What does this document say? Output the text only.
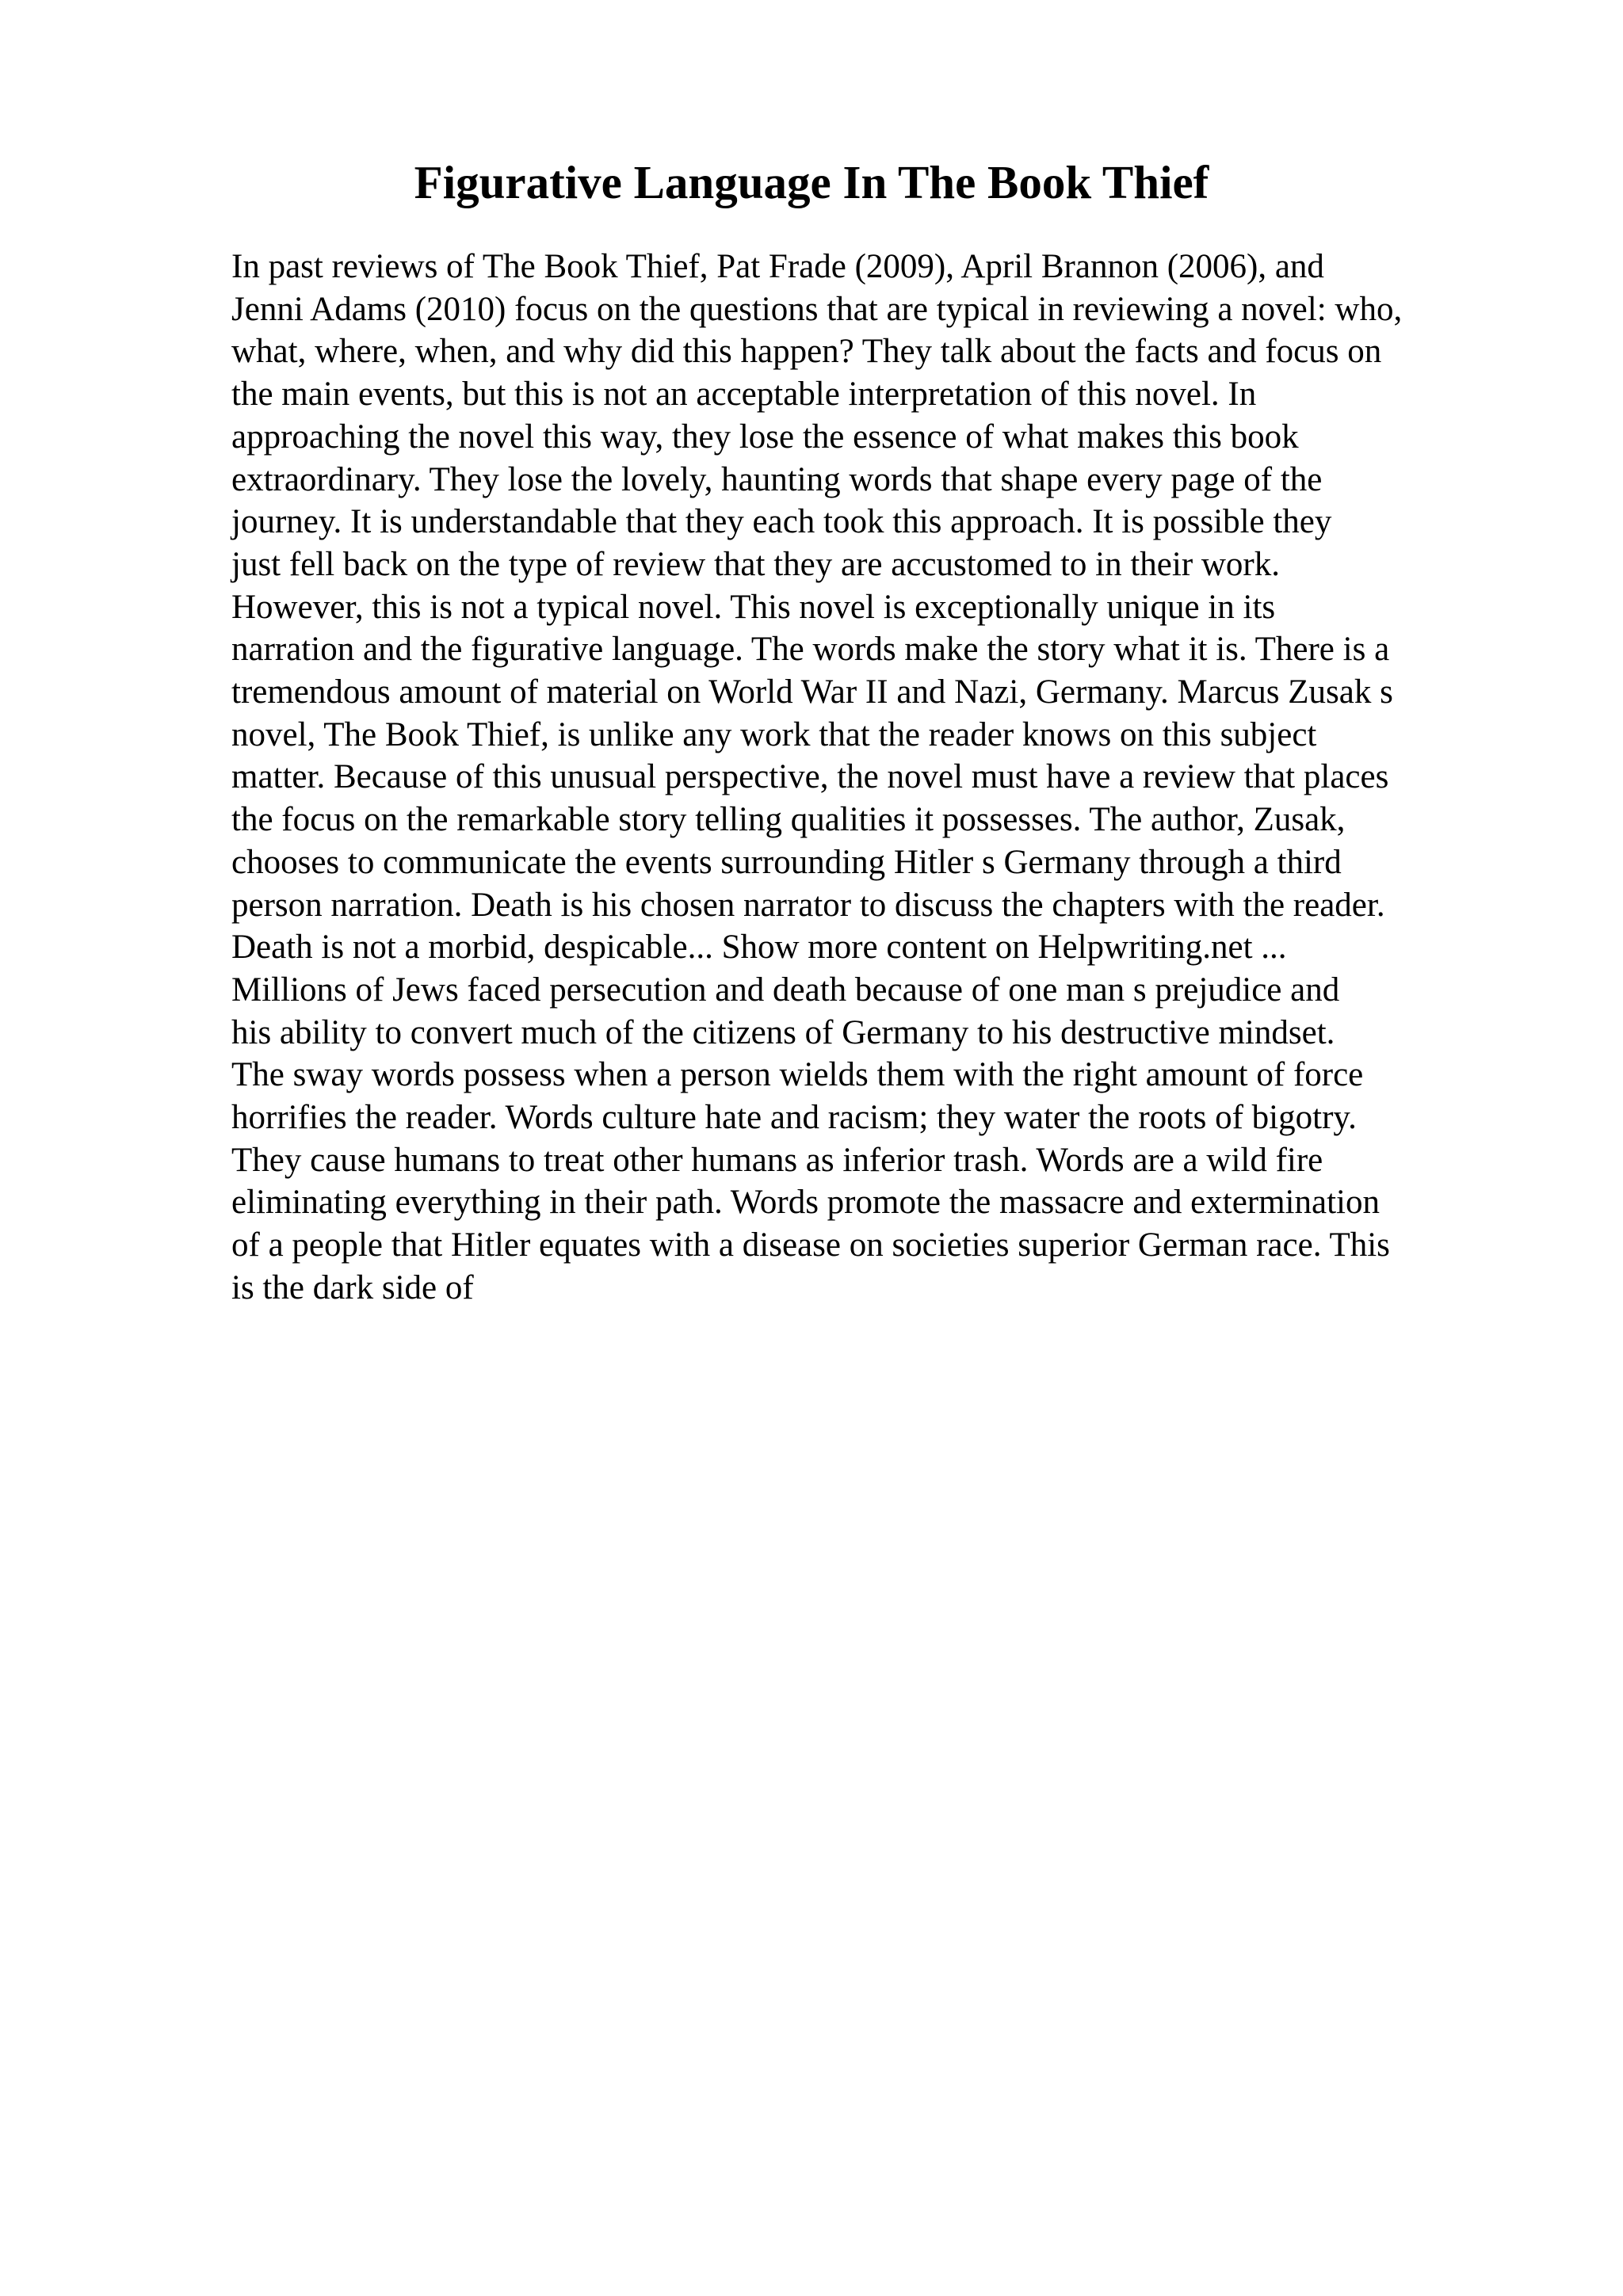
Figurative Language In The Book Thief
In past reviews of The Book Thief, Pat Frade (2009), April Brannon (2006), and
Jenni Adams (2010) focus on the questions that are typical in reviewing a novel: who,
what, where, when, and why did this happen? They talk about the facts and focus on
the main events, but this is not an acceptable interpretation of this novel. In
approaching the novel this way, they lose the essence of what makes this book
extraordinary. They lose the lovely, haunting words that shape every page of the
journey. It is understandable that they each took this approach. It is possible they
just fell back on the type of review that they are accustomed to in their work.
However, this is not a typical novel. This novel is exceptionally unique in its
narration and the figurative language. The words make the story what it is. There is a
tremendous amount of material on World War II and Nazi, Germany. Marcus Zusak s
novel, The Book Thief, is unlike any work that the reader knows on this subject
matter. Because of this unusual perspective, the novel must have a review that places
the focus on the remarkable story telling qualities it possesses. The author, Zusak,
chooses to communicate the events surrounding Hitler s Germany through a third
person narration. Death is his chosen narrator to discuss the chapters with the reader.
Death is not a morbid, despicable... Show more content on Helpwriting.net ...
Millions of Jews faced persecution and death because of one man s prejudice and
his ability to convert much of the citizens of Germany to his destructive mindset.
The sway words possess when a person wields them with the right amount of force
horrifies the reader. Words culture hate and racism; they water the roots of bigotry.
They cause humans to treat other humans as inferior trash. Words are a wild fire
eliminating everything in their path. Words promote the massacre and extermination
of a people that Hitler equates with a disease on societies superior German race. This
is the dark side of
